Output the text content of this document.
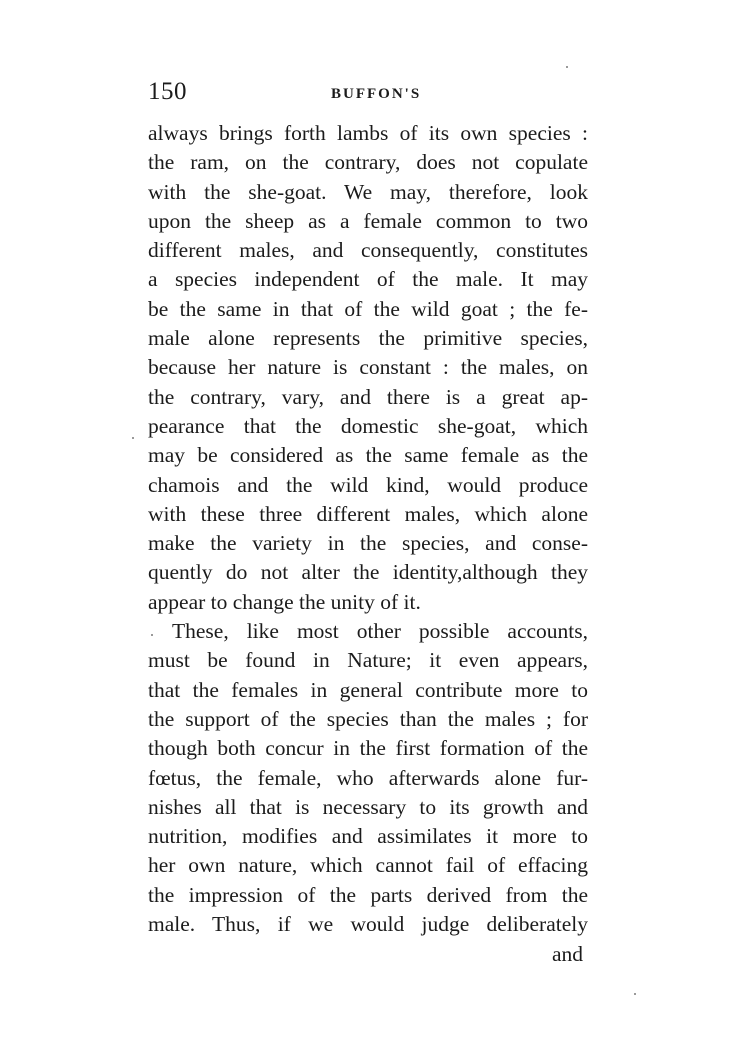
150	BUFFON'S
always brings forth lambs of its own species :
the ram, on the contrary, does not copulate
with the she-goat. We may, therefore, look
upon the sheep as a female common to two
different males, and consequently, constitutes
a species independent of the male. It may
be the same in that of the wild goat ; the fe-
male alone represents the primitive species,
because her nature is constant : the males, on
the contrary, vary, and there is a great ap-
pearance that the domestic she-goat, which
may be considered as the same female as the
chamois and the wild kind, would produce
with these three different males, which alone
make the variety in the species, and conse-
quently do not alter the identity,although they
appear to change the unity of it.
These, like most other possible accounts,
must be found in Nature; it even appears,
that the females in general contribute more to
the support of the species than the males ; for
though both concur in the first formation of the
fœtus, the female, who afterwards alone fur-
nishes all that is necessary to its growth and
nutrition, modifies and assimilates it more to
her own nature, which cannot fail of effacing
the impression of the parts derived from the
male. Thus, if we would judge deliberately
and
